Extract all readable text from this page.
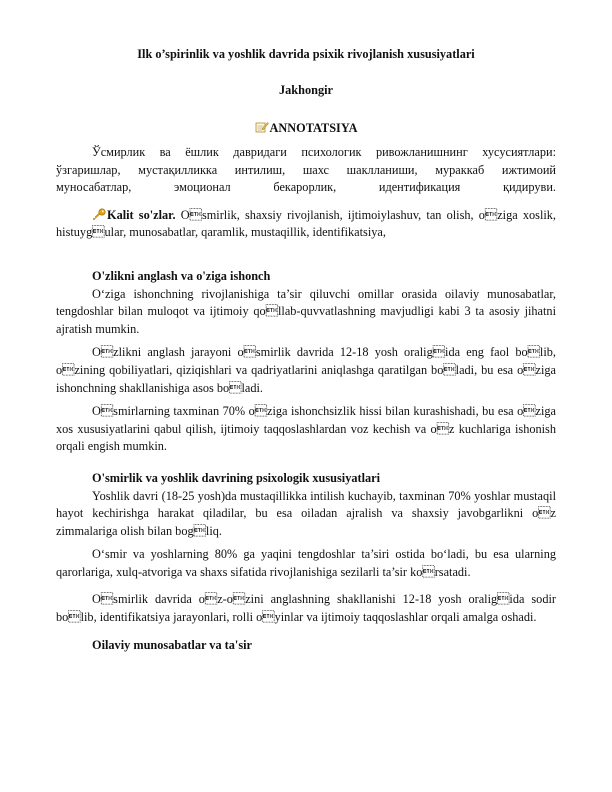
Ilk o’spirinlik va yoshlik davrida psixik rivojlanish xususiyatlari
Jakhongir
ANNOTATSIYA

Ўсмирлик ва ёшлик давридаги психологик ривожланишнинг хусусиятлари:

ўзгаришлар, мустақилликка интилиш, шахс шаклланиши, мураккаб ижтимоий

муносабатлар, эмоционал бекарорлик, идентификация қидируви.

Kalit so'zlar. Osmirlik, shaxsiy rivojlanish, ijtimoiylashuv, tan olish, oziga xoslik, histuygular, munosabatlar, qaramlik, mustaqillik, identifikatsiya,

O'zlikni anglash va o'ziga ishonch

O‘ziga ishonchning rivojlanishiga ta’sir qiluvchi omillar orasida oilaviy munosabatlar, tengdoshlar bilan muloqot va ijtimoiy qollab-quvvatlashning mavjudligi kabi 3 ta asosiy jihatni ajratish mumkin.

Ozlikni anglash jarayoni osmirlik davrida 12-18 yosh oraligida eng faol bolib, ozining qobiliyatlari, qiziqishlari va qadriyatlarini aniqlashga qaratilgan boladi, bu esa oziga ishonchning shakllanishiga asos boladi.

Osmirlarning taxminan 70% oziga ishonchsizlik hissi bilan kurashishadi, bu esa oziga xos xususiyatlarini qabul qilish, ijtimoiy taqqoslashlardan voz kechish va oz kuchlariga ishonish orqali engish mumkin.

O'smirlik va yoshlik davrining psixologik xususiyatlari

Yoshlik davri (18-25 yosh)da mustaqillikka intilish kuchayib, taxminan 70% yoshlar mustaqil hayot kechirishga harakat qiladilar, bu esa oiladan ajralish va shaxsiy javobgarlikni oz zimmalariga olish bilan bogliq.

O‘smir va yoshlarning 80% ga yaqini tengdoshlar ta’siri ostida bo‘ladi, bu esa ularning qarorlariga, xulq-atvoriga va shaxs sifatida rivojlanishiga sezilarli ta’sir korsatadi.

Osmirlik davrida oz-ozini anglashning shakllanishi 12-18 yosh oraligida sodir bolib, identifikatsiya jarayonlari, rolli oyinlar va ijtimoiy taqqoslashlar orqali amalga oshadi.

Oilaviy munosabatlar va ta'sir
